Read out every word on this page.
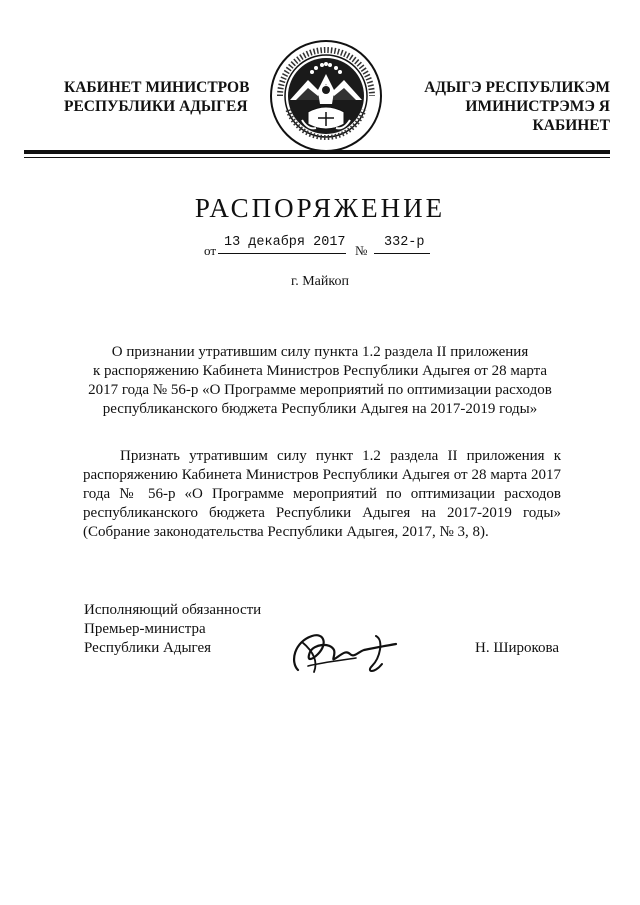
КАБИНЕТ МИНИСТРОВ
РЕСПУБЛИКИ АДЫГЕЯ
АДЫГЭ РЕСПУБЛИКЭМ
ИМИНИСТРЭМЭ Я КАБИНЕТ
РАСПОРЯЖЕНИЕ
от
13 декабря 2017
№
332-р
г. Майкоп
О признании утратившим силу пункта 1.2 раздела II приложения
к распоряжению Кабинета Министров Республики Адыгея от 28 марта
2017 года № 56-р «О Программе мероприятий по оптимизации расходов
республиканского бюджета Республики Адыгея на 2017-2019 годы»
Признать утратившим силу пункт 1.2 раздела II приложения к распоряжению Кабинета Министров Республики Адыгея от 28 марта 2017 года № 56-р «О Программе мероприятий по оптимизации расходов республиканского бюджета Республики Адыгея на 2017-2019 годы» (Собрание законодательства Республики Адыгея, 2017, № 3, 8).
Исполняющий обязанности
Премьер-министра
Республики Адыгея	Н. Широкова
